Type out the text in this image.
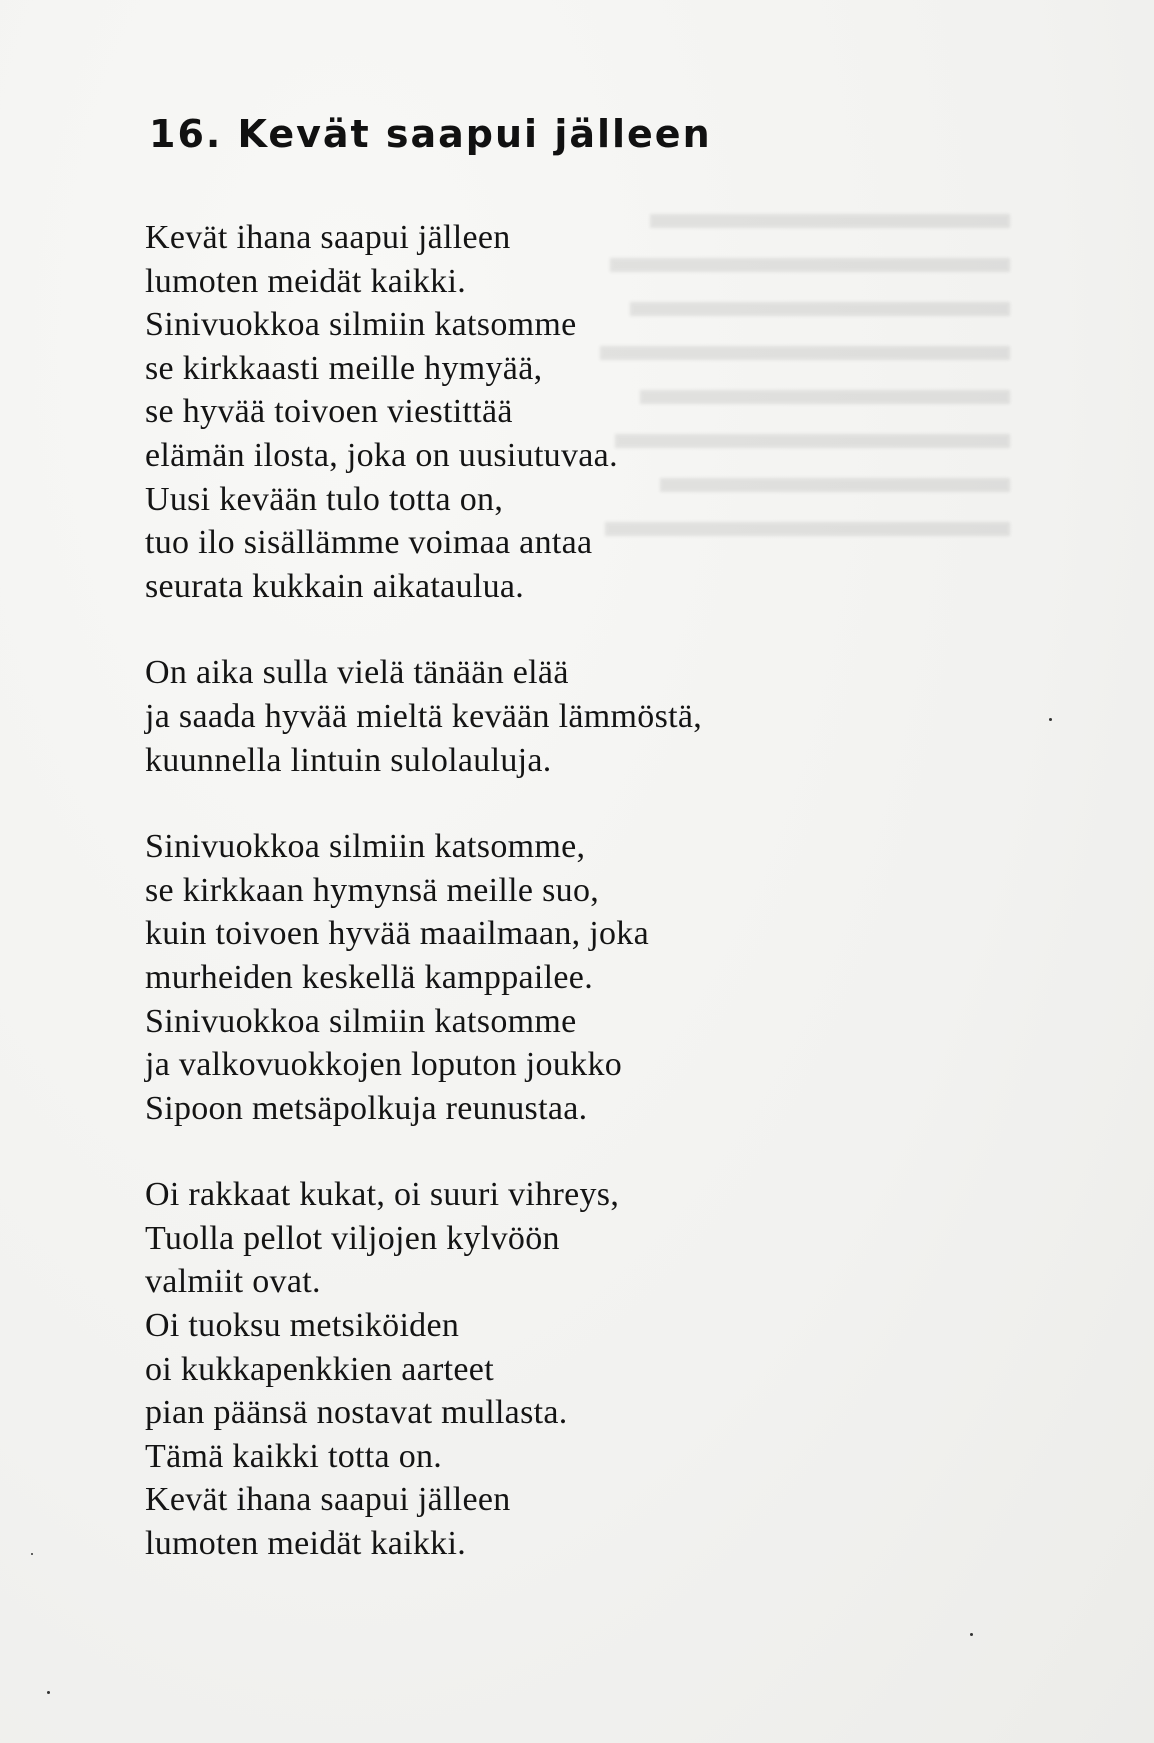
16. Kevät saapui jälleen
Kevät ihana saapui jälleen
lumoten meidät kaikki.
Sinivuokkoa silmiin katsomme
se kirkkaasti meille hymyää,
se hyvää toivoen viestittää
elämän ilosta, joka on uusiutuvaa.
Uusi kevään tulo totta on,
tuo ilo sisällämme voimaa antaa
seurata kukkain aikataulua.
On aika sulla vielä tänään elää
ja saada hyvää mieltä kevään lämmöstä,
kuunnella lintuin sulolauluja.
Sinivuokkoa silmiin katsomme,
se kirkkaan hymynsä meille suo,
kuin toivoen hyvää maailmaan, joka
murheiden keskellä kamppailee.
Sinivuokkoa silmiin katsomme
ja valkovuokkojen loputon joukko
Sipoon metsäpolkuja reunustaa.
Oi rakkaat kukat, oi suuri vihreys,
Tuolla pellot viljojen kylvöön
valmiit ovat.
Oi tuoksu metsiköiden
oi kukkapenkkien aarteet
pian päänsä nostavat mullasta.
Tämä kaikki totta on.
Kevät ihana saapui jälleen
lumoten meidät kaikki.
